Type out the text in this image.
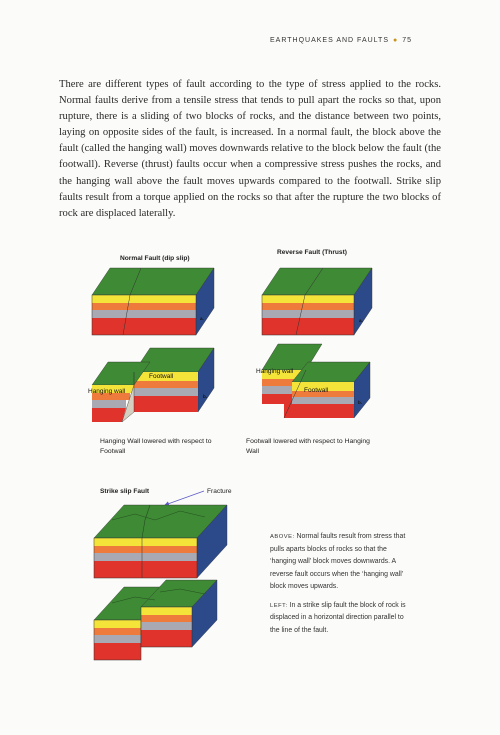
EARTHQUAKES AND FAULTS ● 75

There are different types of fault according to the type of stress applied to the rocks. Normal faults derive from a tensile stress that tends to pull apart the rocks so that, upon rupture, there is a sliding of two blocks of rocks, and the distance between two points, laying on opposite sides of the fault, is increased. In a normal fault, the block above the fault (called the hanging wall) moves downwards relative to the block below the fault (the footwall). Reverse (thrust) faults occur when a compressive stress pushes the rocks, and the hanging wall above the fault moves upwards compared to the footwall. Strike slip faults result from a torque applied on the rocks so that after the rupture the two blocks of rock are displaced laterally.

Normal Fault (dip slip)
Reverse Fault (Thrust)
Strike slip Fault	Fracture
Hanging Wall lowered with respect to Footwall
Footwall lowered with respect to Hanging Wall

ABOVE: Normal faults result from stress that pulls aparts blocks of rocks so that the ‘hanging wall’ block moves downwards. A reverse fault occurs when the ‘hanging wall’ block moves upwards.

LEFT: In a strike slip fault the block of rock is displaced in a horizontal direction parallel to the line of the fault.

a.
Footwall
Hanging wall
b.
a.
Hanging wall
Footwall
b.
